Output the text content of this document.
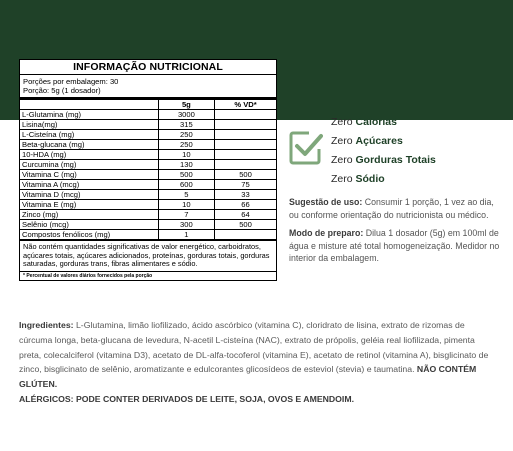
INFORMAÇÃO NUTRICIONAL
Porções por embalagem: 30
Porção: 5g (1 dosador)
	5g	% VD*
L-Glutamina (mg)	3000	
Lisina(mg)	315	
L-Cisteína (mg)	250	
Beta-glucana (mg)	250	
10-HDA (mg)	10	
Curcumina (mg)	130	
Vitamina C (mg)	500	500
Vitamina A (mcg)	600	75
Vitamina D (mcg)	5	33
Vitamina E (mg)	10	66
Zinco (mg)	7	64
Selênio (mcg)	300	500
Compostos fenólicos (mg)	1	
Não contém quantidades significativas de valor energético, carboidratos, açúcares totais, açúcares adicionados, proteínas, gorduras totais, gorduras saturadas, gorduras trans, fibras alimentares e sódio.
* Percentual de valores diários fornecidos pela porção
Zero Calorias
Zero Açúcares
Zero Gorduras Totais
Zero Sódio

Sugestão de uso: Consumir 1 porção, 1 vez ao dia, ou conforme orientação do nutricionista ou médico.

Modo de preparo: Dilua 1 dosador (5g) em 100ml de água e misture até total homogeneização. Medidor no interior da embalagem.

Ingredientes: L-Glutamina, limão liofilizado, ácido ascórbico (vitamina C), cloridrato de lisina, extrato de rizomas de cúrcuma longa, beta-glucana de levedura, N-acetil L-cisteína (NAC), extrato de própolis, geléia real liofilizada, pimenta preta, colecalciferol (vitamina D3), acetato de DL-alfa-tocoferol (vitamina E), acetato de retinol (vitamina A), bisglicinato de zinco, bisglicinato de selênio, aromatizante e edulcorantes glicosídeos de esteviol (stevia) e taumatina. NÃO CONTÉM GLÚTEN.
ALÉRGICOS: PODE CONTER DERIVADOS DE LEITE, SOJA, OVOS E AMENDOIM.
